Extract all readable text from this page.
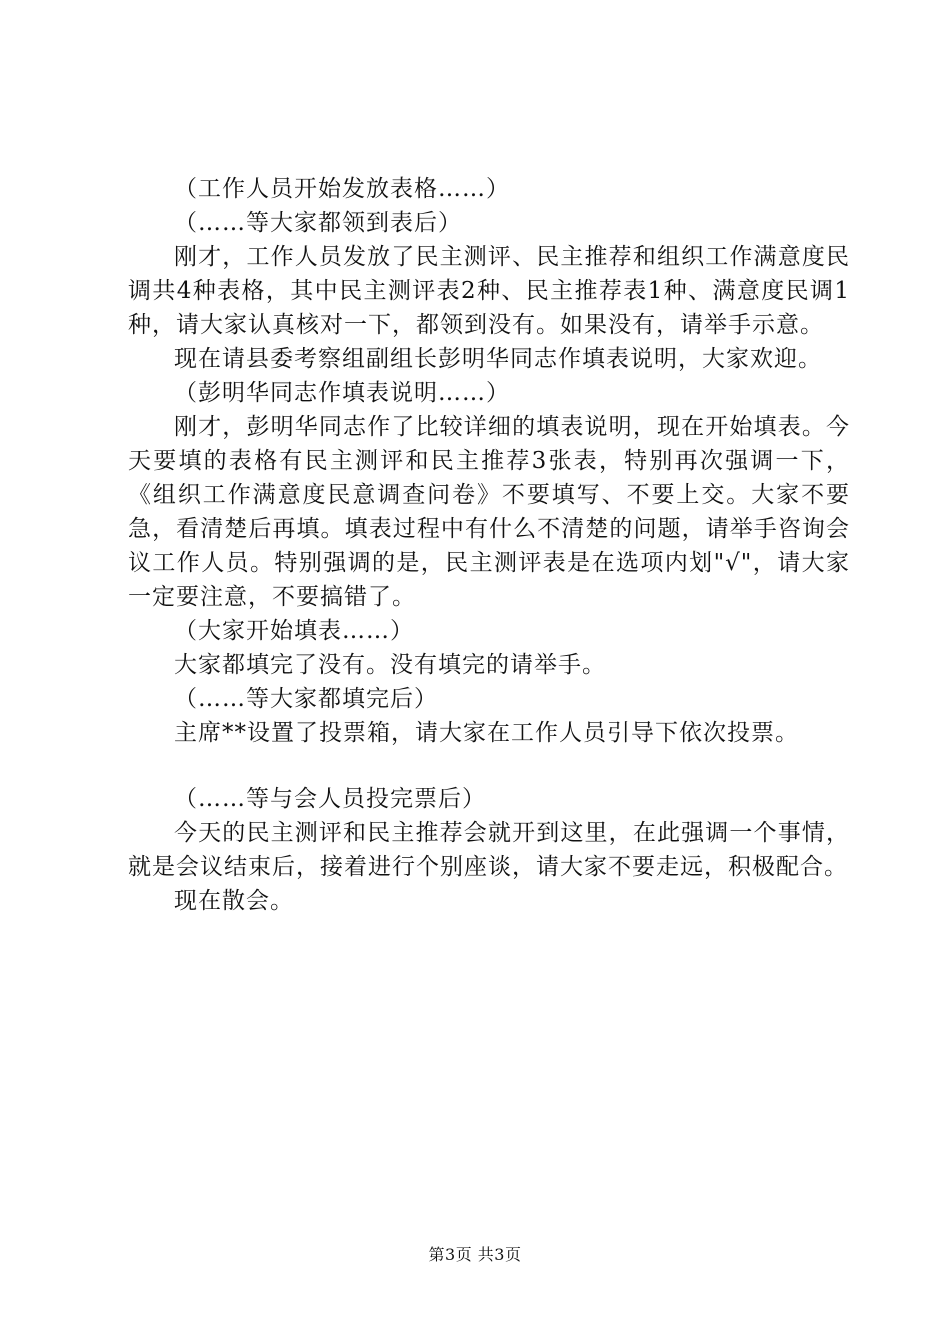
（工作人员开始发放表格……）

（……等大家都领到表后）

刚才，工作人员发放了民主测评、民主推荐和组织工作满意度民调共4种表格，其中民主测评表2种、民主推荐表1种、满意度民调1种，请大家认真核对一下，都领到没有。如果没有，请举手示意。

现在请县委考察组副组长彭明华同志作填表说明，大家欢迎。

（彭明华同志作填表说明……）

刚才，彭明华同志作了比较详细的填表说明，现在开始填表。今天要填的表格有民主测评和民主推荐3张表，特别再次强调一下，《组织工作满意度民意调查问卷》不要填写、不要上交。大家不要急，看清楚后再填。填表过程中有什么不清楚的问题，请举手咨询会议工作人员。特别强调的是，民主测评表是在选项内划"√"，请大家一定要注意，不要搞错了。

（大家开始填表……）

大家都填完了没有。没有填完的请举手。

（……等大家都填完后）

主席**设置了投票箱，请大家在工作人员引导下依次投票。

（……等与会人员投完票后）

今天的民主测评和民主推荐会就开到这里，在此强调一个事情，就是会议结束后，接着进行个别座谈，请大家不要走远，积极配合。

现在散会。

第3页 共3页
